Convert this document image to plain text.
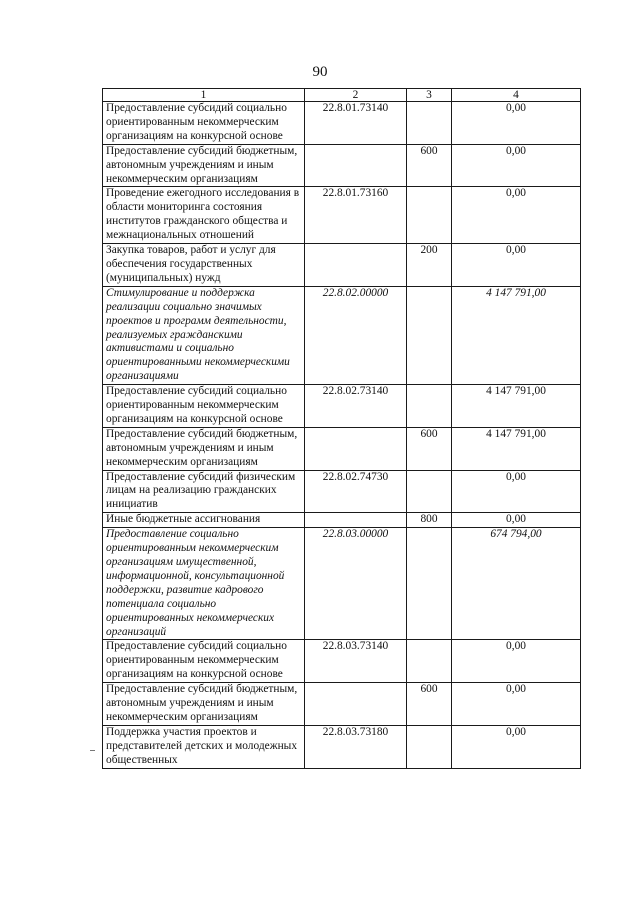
90
1	2	3	4
Предоставление субсидий социально ориентированным некоммерческим организациям на конкурсной основе	22.8.01.73140		0,00
Предоставление субсидий бюджетным, автономным учреждениям и иным некоммерческим организациям		600	0,00
Проведение ежегодного исследования в области мониторинга состояния институтов гражданского общества и межнациональных отношений	22.8.01.73160		0,00
Закупка товаров, работ и услуг для обеспечения государственных (муниципальных) нужд		200	0,00
Стимулирование и поддержка реализации социально значимых проектов и программ деятельности, реализуемых гражданскими активистами и социально ориентированными некоммерческими организациями	22.8.02.00000		4 147 791,00
Предоставление субсидий социально ориентированным некоммерческим организациям на конкурсной основе	22.8.02.73140		4 147 791,00
Предоставление субсидий бюджетным, автономным учреждениям и иным некоммерческим организациям		600	4 147 791,00
Предоставление субсидий физическим лицам на реализацию гражданских инициатив	22.8.02.74730		0,00
Иные бюджетные ассигнования		800	0,00
Предоставление социально ориентированным некоммерческим организациям имущественной, информационной, консультационной поддержки, развитие кадрового потенциала социально ориентированных некоммерческих организаций	22.8.03.00000		674 794,00
Предоставление субсидий социально ориентированным некоммерческим организациям на конкурсной основе	22.8.03.73140		0,00
Предоставление субсидий бюджетным, автономным учреждениям и иным некоммерческим организациям		600	0,00
Поддержка участия проектов и представителей детских и молодежных общественных	22.8.03.73180		0,00
